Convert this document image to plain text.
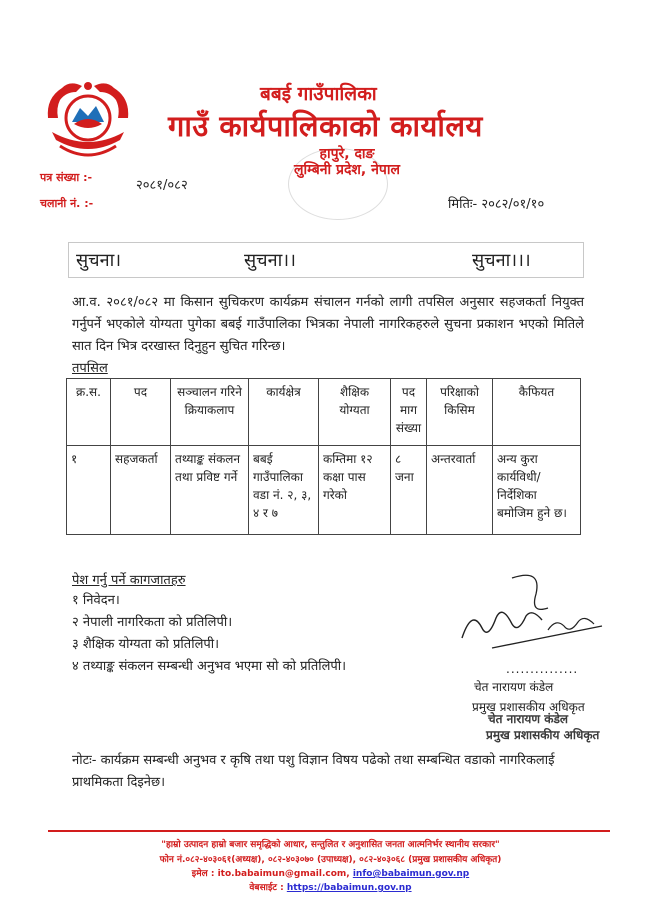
बबई गाउँपालिका
गाउँ कार्यपालिकाको कार्यालय
हापुरे, दाङ
लुम्बिनी प्रदेश, नेपाल
पत्र संख्या :-
२०८१/०८२
चलानी नं. :-	मितिः- २०८२/०१/१०
सुचना।	सुचना।।	सुचना।।।
आ.व. २०८१/०८२ मा किसान सुचिकरण कार्यक्रम संचालन गर्नको लागी तपसिल अनुसार सहजकर्ता नियुक्त गर्नुपर्ने भएकोले योग्यता पुगेका बबई गाउँपालिका भित्रका नेपाली नागरिकहरुले सुचना प्रकाशन भएको मितिले सात दिन भित्र दरखास्त दिनुहुन सुचित गरिन्छ।
तपसिल
क्र.स.	पद	सञ्चालन गरिने क्रियाकलाप	कार्यक्षेत्र	शैक्षिक योग्यता	पद माग संख्या	परिक्षाको किसिम	कैफियत
१	सहजकर्ता	तथ्याङ्क संकलन तथा प्रविष्ट गर्ने	बबई गाउँपालिका वडा नं. २, ३, ४ र ७	कम्तिमा १२ कक्षा पास गरेको	८ जना	अन्तरवार्ता	अन्य कुरा कार्यविधी/निर्देशिका बमोजिम हुने छ।
पेश गर्नु पर्ने कागजातहरु
१ निवेदन।
२ नेपाली नागरिकता को प्रतिलिपी।
३ शैक्षिक योग्यता को प्रतिलिपी।
४ तथ्याङ्क संकलन सम्बन्धी अनुभव भएमा सो को प्रतिलिपी।	...............
चेत नारायण कंडेल
प्रमुख प्रशासकीय अधिकृत
चेत नारायण कंडेल
प्रमुख प्रशासकीय अधिकृत
नोटः- कार्यक्रम सम्बन्धी अनुभव र कृषि तथा पशु विज्ञान विषय पढेको तथा सम्बन्धित वडाको नागरिकलाई प्राथमिकता दिइनेछ।
"हाम्रो उत्पादन हाम्रो बजार समृद्धिको आधार, सन्तुलित र अनुशासित जनता आत्मनिर्भर स्थानीय सरकार"
फोन नं.०८२-४०३०६१(अध्यक्ष), ०८२-४०३०७० (उपाध्यक्ष), ०८२-४०३०६८ (प्रमुख प्रशासकीय अधिकृत)
इमेल : ito.babaimun@gmail.com, info@babaimun.gov.np
वेबसाईट : https://babaimun.gov.np
